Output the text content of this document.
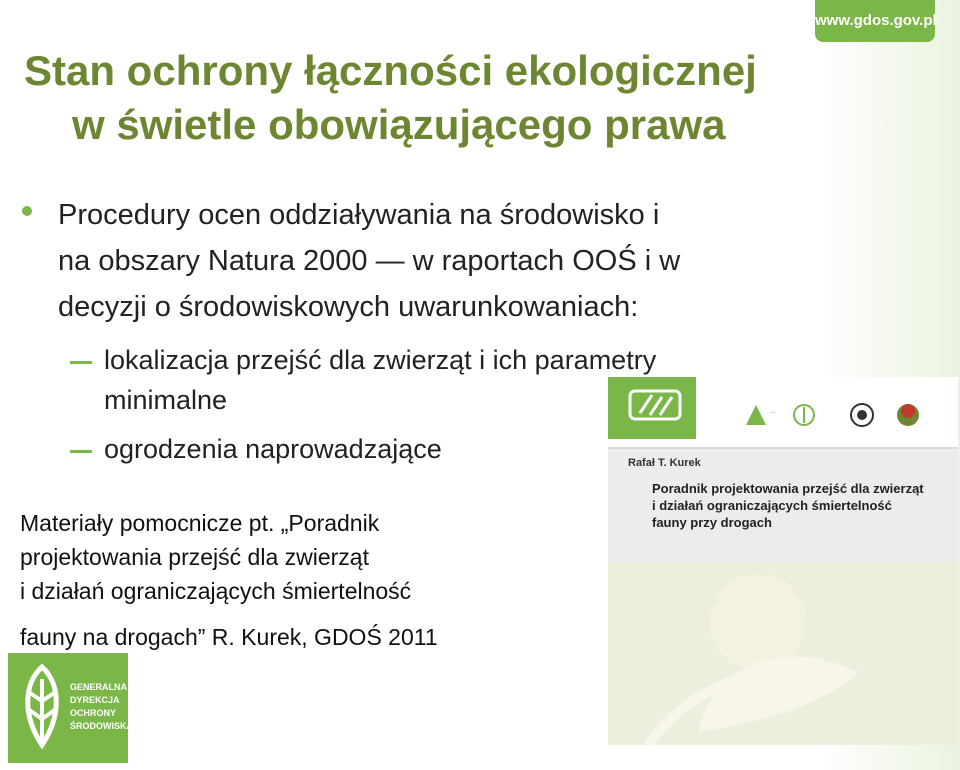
www.gdos.gov.pl
Stan ochrony łączności ekologicznej
w świetle obowiązującego prawa
Procedury ocen oddziaływania na środowisko i
na obszary Natura 2000 — w raportach OOŚ i w
decyzji o środowiskowych uwarunkowaniach:
lokalizacja przejść dla zwierząt i ich parametry
minimalne
ogrodzenia naprowadzające
Materiały pomocnicze pt. „Poradnik
projektowania przejść dla zwierząt
i działań ograniczających śmiertelność
fauny na drogach” R. Kurek, GDOŚ 2011
GENERALNA
DYREKCJA
OCHRONY
ŚRODOWISKA
…
Rafał T. Kurek
Poradnik projektowania przejść dla zwierząt
i działań ograniczających śmiertelność
fauny przy drogach
